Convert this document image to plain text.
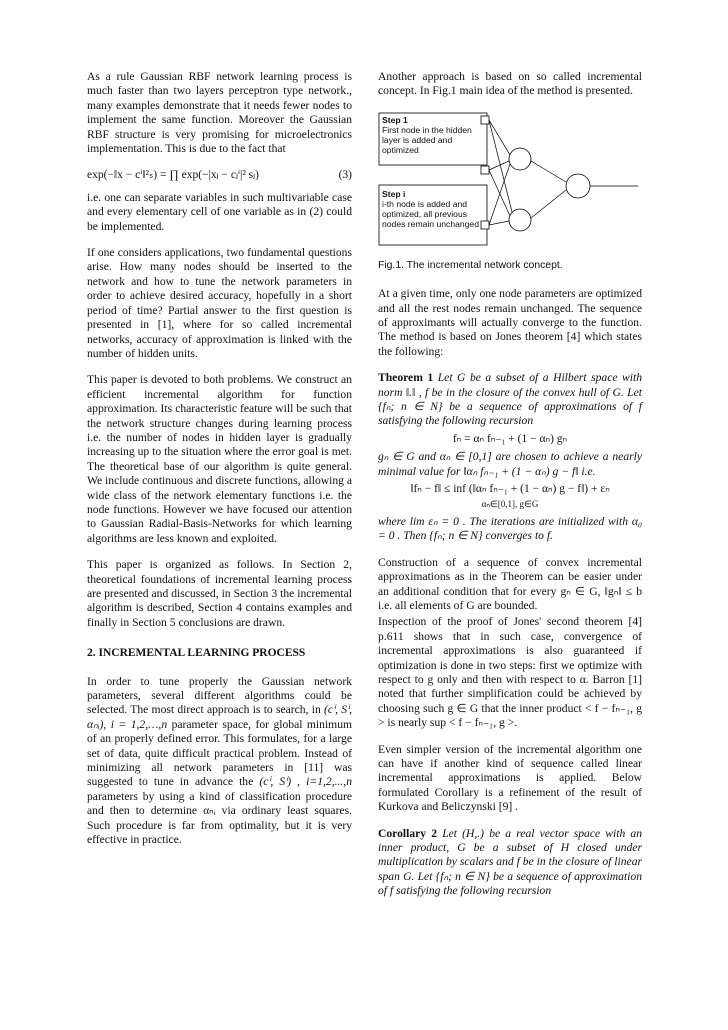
As a rule Gaussian RBF network learning process is much faster than two layers perceptron type network., many examples demonstrate that it needs fewer nodes to implement the same function. Moreover the Gaussian RBF structure is very promising for microelectronics implementation. This is due to the fact that

exp(−‖x − cⁱ‖²ₛ) = ∏ exp(−|xⱼ − cⱼⁱ|² sⱼ)	(3)

i.e. one can separate variables in such multivariable case and every elementary cell of one variable as in (2) could be implemented.

If one considers applications, two fundamental questions arise. How many nodes should be inserted to the network and how to tune the network parameters in order to achieve desired accuracy, hopefully in a short period of time? Partial answer to the first question is presented in [1], where for so called incremental networks, accuracy of approximation is linked with the number of hidden units.

This paper is devoted to both problems. We construct an efficient incremental algorithm for function approximation. Its characteristic feature will be such that the network structure changes during learning process i.e. the number of nodes in hidden layer is gradually increasing up to the situation where the error goal is met. The theoretical base of our algorithm is quite general. We include continuous and discrete functions, allowing a wide class of the network elementary functions i.e. the node functions. However we have focused our attention to Gaussian Radial-Basis-Networks for which learning algorithms are less known and exploited.

This paper is organized as follows. In Section 2, theoretical foundations of incremental learning process are presented and discussed, in Section 3 the incremental algorithm is described, Section 4 contains examples and finally in Section 5 conclusions are drawn.

2. INCREMENTAL LEARNING PROCESS

In order to tune properly the Gaussian network parameters, several different algorithms could be selected. The most direct approach is to search, in (cⁱ, Sⁱ, αₙᵢ), i = 1,2,…,n parameter space, for global minimum of an properly defined error. This formulates, for a large set of data, quite difficult practical problem. Instead of minimizing all network parameters in [11] was suggested to tune in advance the (cⁱ, Sⁱ) , i=1,2,...,n parameters by using a kind of classification procedure and then to determine αₙᵢ via ordinary least squares. Such procedure is far from optimality, but it is very effective in practice.

Another approach is based on so called incremental concept. In Fig.1 main idea of the method is presented.

Step 1
First node in the hidden layer is added and optimized
Step i
i-th node is added and optimized, all previous nodes remain unchanged
Fig.1. The incremental network concept.

At a given time, only one node parameters are optimized and all the rest nodes remain unchanged. The sequence of approximants will actually converge to the function. The method is based on Jones theorem [4] which states the following:

Theorem 1 Let G be a subset of a Hilbert space with norm ‖.‖ , f be in the closure of the convex hull of G. Let {fₙ; n ∈ N} be a sequence of approximations of f satisfying the following recursion
fₙ = αₙ fₙ₋₁ + (1 − αₙ) gₙ
gₙ ∈ G and αₙ ∈ [0,1] are chosen to achieve a nearly minimal value for ‖αₙ fₙ₋₁ + (1 − αₙ) g − f‖ i.e.
‖fₙ − f‖ ≤ inf (‖αₙ fₙ₋₁ + (1 − αₙ) g − f‖) + εₙ
αₙ∈[0,1], g∈G
where lim εₙ = 0 . The iterations are initialized with α₀ = 0 . Then {fₙ; n ∈ N} converges to f.

Construction of a sequence of convex incremental approximations as in the Theorem can be easier under an additional condition that for every gₙ ∈ G, ‖gₙ‖ ≤ b i.e. all elements of G are bounded.

Inspection of the proof of Jones' second theorem [4] p.611 shows that in such case, convergence of incremental approximations is also guaranteed if optimization is done in two steps: first we optimize with respect to g only and then with respect to α. Barron [1] noted that further simplification could be achieved by choosing such g ∈ G that the inner product < f − fₙ₋₁, g > is nearly sup < f − fₙ₋₁, g >.

Even simpler version of the incremental algorithm one can have if another kind of sequence called linear incremental approximations is applied. Below formulated Corollary is a refinement of the result of Kurkova and Beliczynski [9] .

Corollary 2 Let (H,.) be a real vector space with an inner product, G be a subset of H closed under multiplication by scalars and f be in the closure of linear span G. Let {fₙ; n ∈ N} be a sequence of approximation of f satisfying the following recursion
